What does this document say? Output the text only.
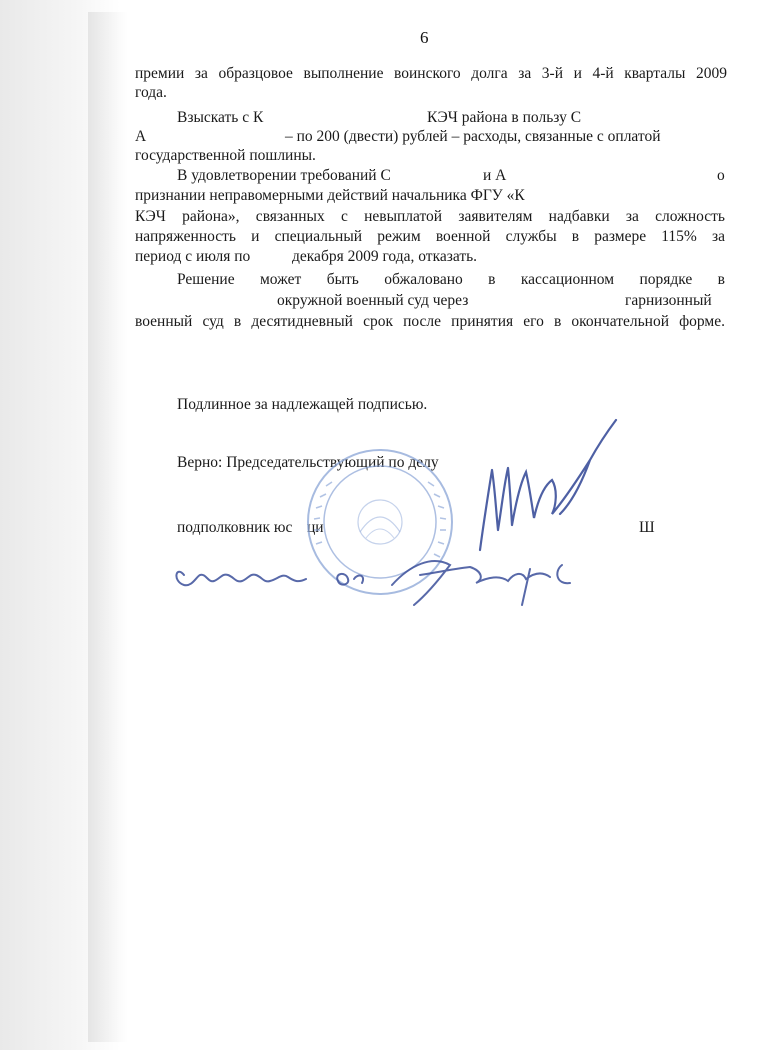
6
премии за образцовое выполнение воинского долга за 3-й и 4-й кварталы 2009
года.
Взыскать с К	КЭЧ района в пользу С
А	– по 200 (двести) рублей – расходы, связанные с оплатой
государственной пошлины.
В удовлетворении требований С	и А	о
признании неправомерными действий начальника ФГУ «К
КЭЧ района», связанных с невыплатой заявителям надбавки за сложность
напряженность и специальный режим военной службы в размере 115% за
период с июля по	декабря 2009 года, отказать.
Решение может быть обжаловано в кассационном порядке в
окружной военный суд через	гарнизонный
военный суд в десятидневный срок после принятия его в окончательной форме.
Подлинное за надлежащей подписью.
Верно: Председательствующий по делу
подполковник юс ци	Ш
